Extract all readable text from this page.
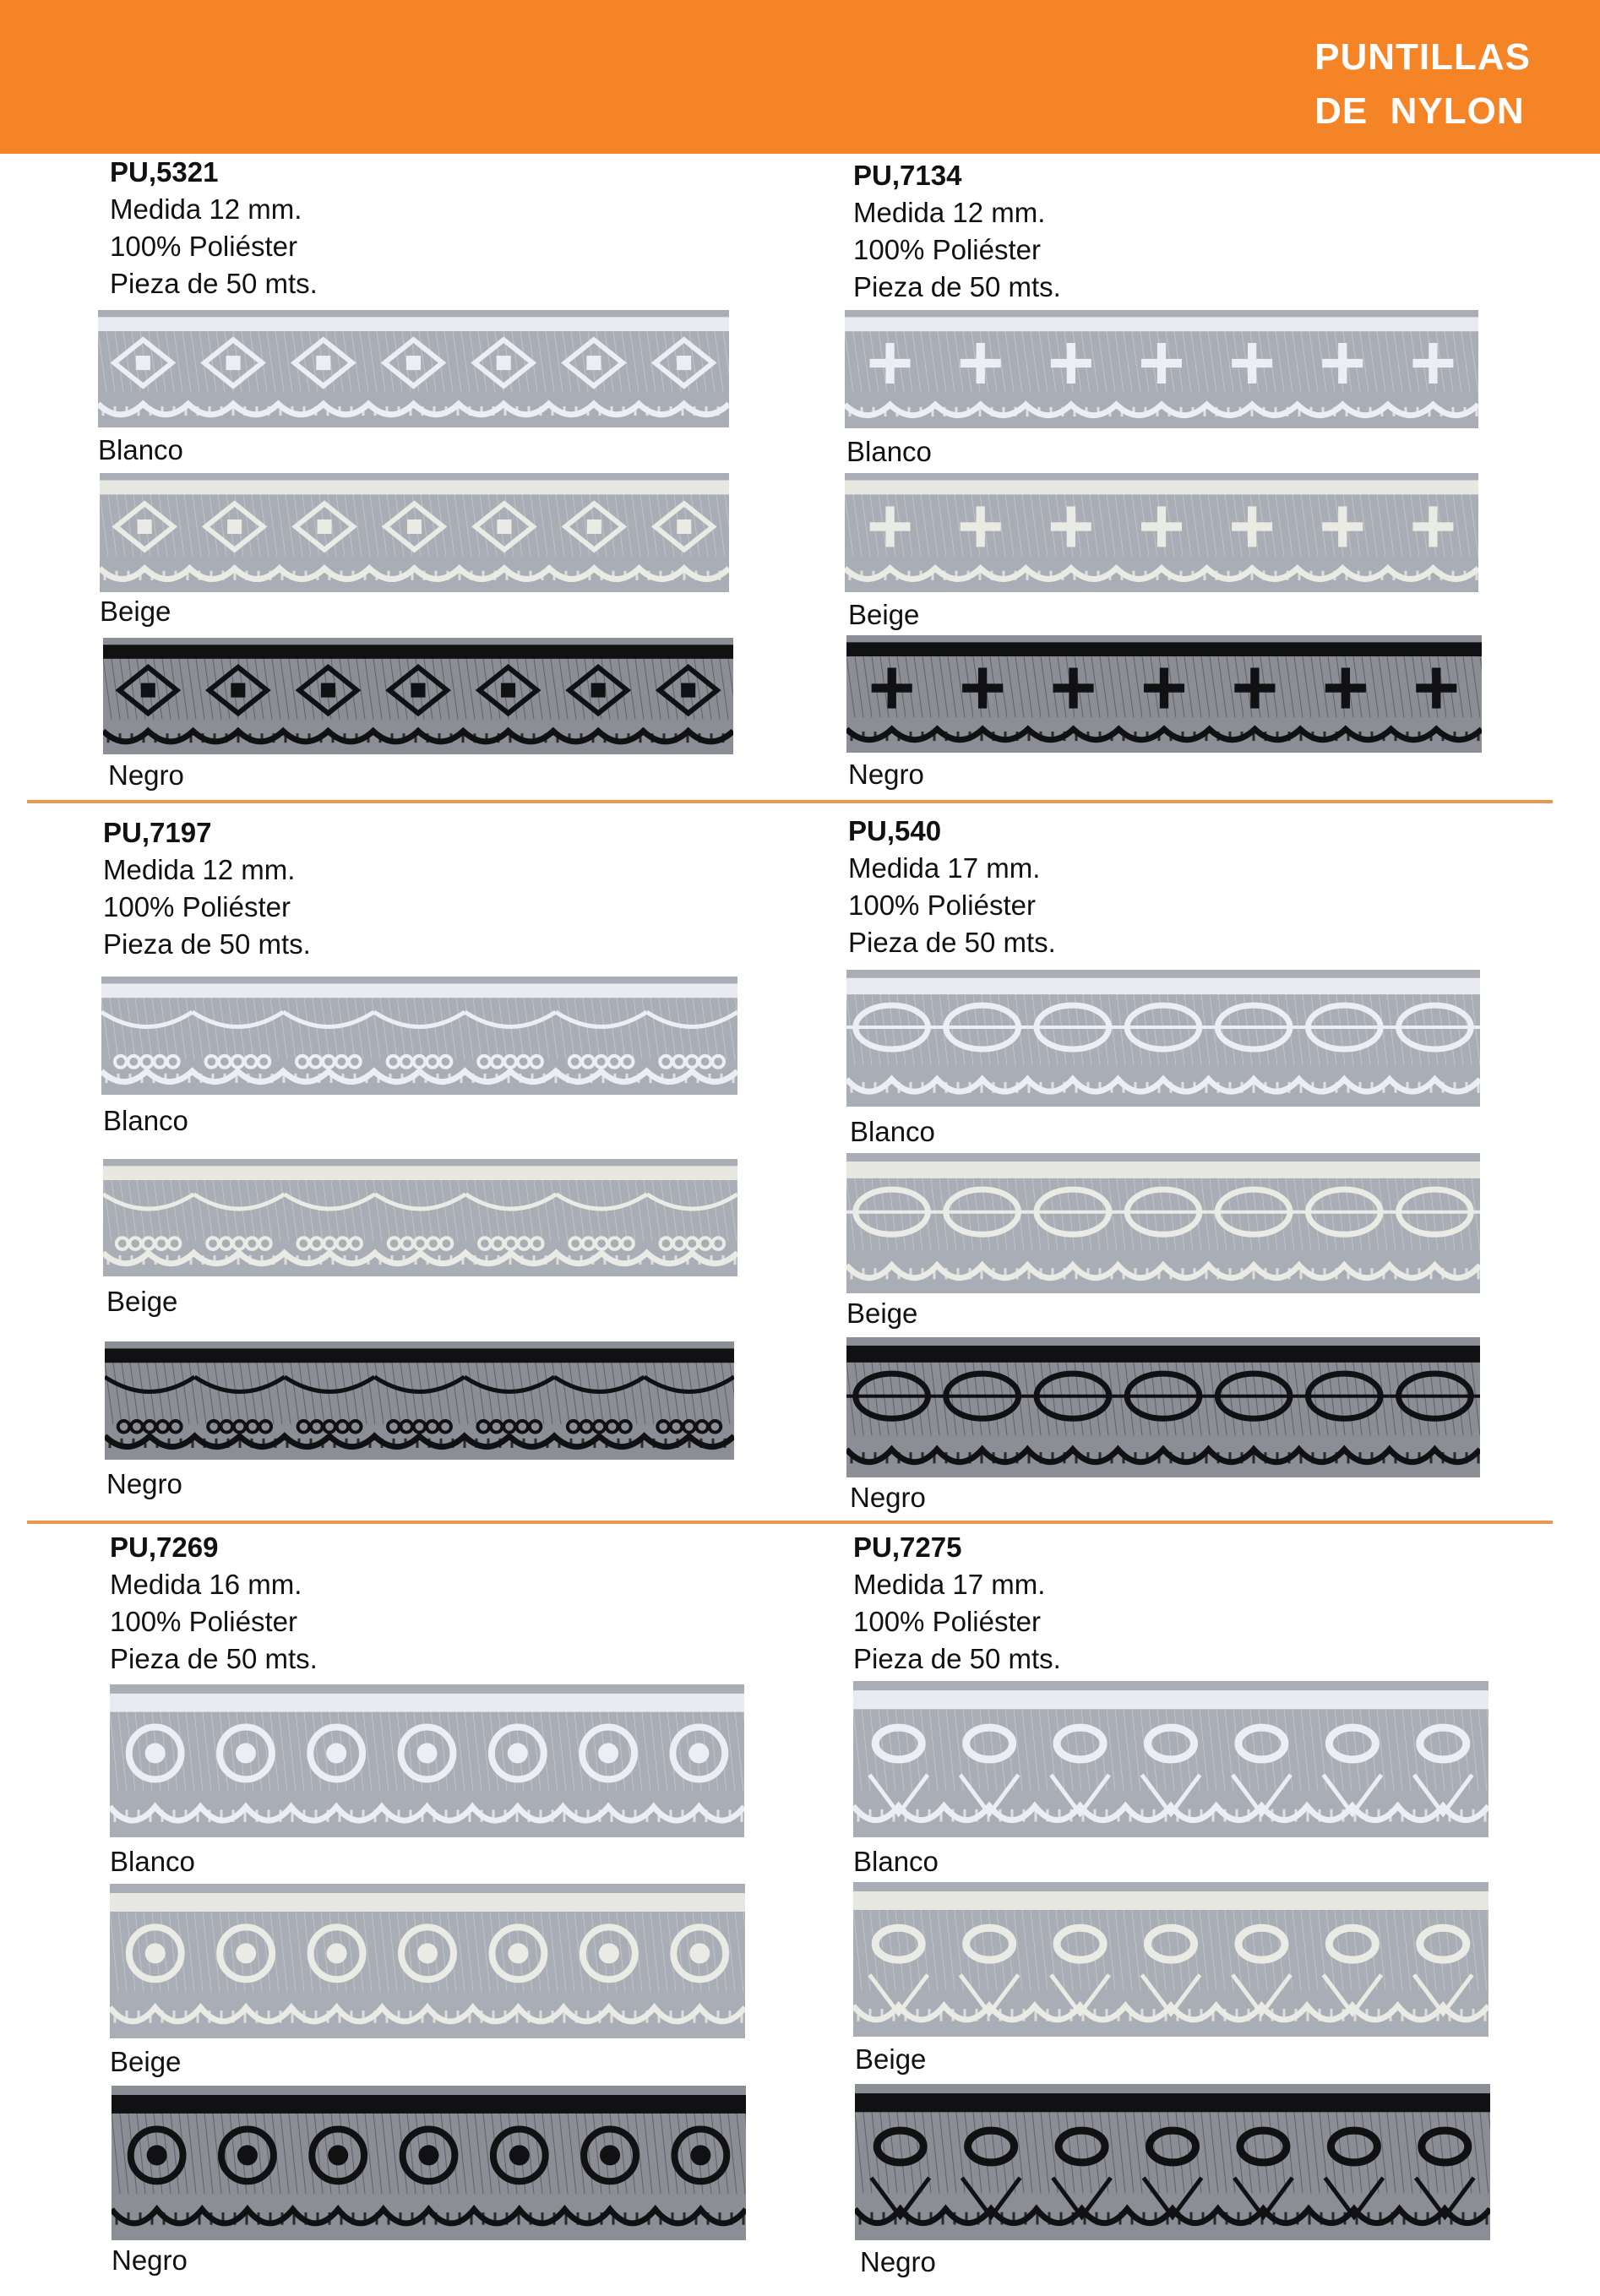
PUNTILLAS
DE  NYLON
PU,5321
Medida 12 mm.
100% Poliéster
Pieza de 50 mts.
Blanco
Beige
Negro
PU,7134
Medida 12 mm.
100% Poliéster
Pieza de 50 mts.
Blanco
Beige
Negro
PU,7197
Medida 12 mm.
100% Poliéster
Pieza de 50 mts.
Blanco
Beige
Negro
PU,540
Medida 17 mm.
100% Poliéster
Pieza de 50 mts.
Blanco
Beige
Negro
PU,7269
Medida 16 mm.
100% Poliéster
Pieza de 50 mts.
Blanco
Beige
Negro
PU,7275
Medida 17 mm.
100% Poliéster
Pieza de 50 mts.
Blanco
Beige
Negro
